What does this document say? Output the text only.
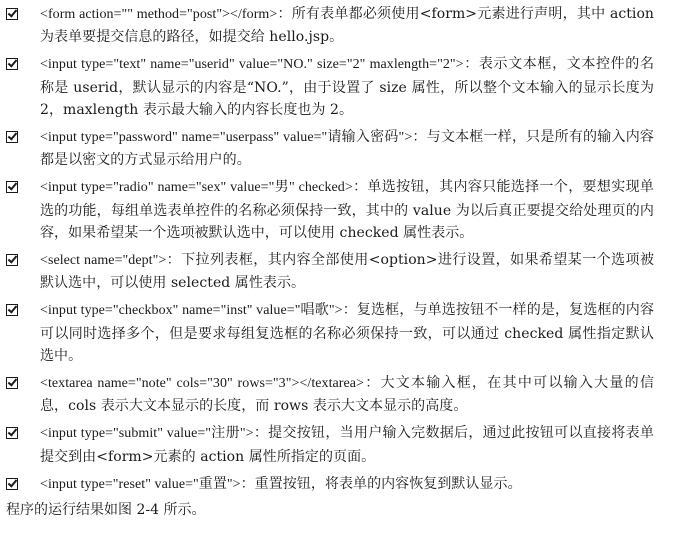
<form action="" method="post"></form>：所有表单都必须使用<form>元素进行声明，其中 action 为表单要提交信息的路径，如提交给 hello.jsp。
<input type="text" name="userid" value="NO." size="2" maxlength="2">：表示文本框，文本控件的名称是 userid，默认显示的内容是“NO.”，由于设置了 size 属性，所以整个文本输入的显示长度为 2，maxlength 表示最大输入的内容长度也为 2。
<input type="password" name="userpass" value="请输入密码">：与文本框一样，只是所有的输入内容都是以密文的方式显示给用户的。
<input type="radio" name="sex" value="男" checked>：单选按钮，其内容只能选择一个，要想实现单选的功能，每组单选表单控件的名称必须保持一致，其中的 value 为以后真正要提交给处理页的内容，如果希望某一个选项被默认选中，可以使用 checked 属性表示。
<select name="dept">：下拉列表框，其内容全部使用<option>进行设置，如果希望某一个选项被默认选中，可以使用 selected 属性表示。
<input type="checkbox" name="inst" value="唱歌">：复选框，与单选按钮不一样的是，复选框的内容可以同时选择多个，但是要求每组复选框的名称必须保持一致，可以通过 checked 属性指定默认选中。
<textarea name="note" cols="30" rows="3"></textarea>：大文本输入框，在其中可以输入大量的信息，cols 表示大文本显示的长度，而 rows 表示大文本显示的高度。
<input type="submit" value="注册">：提交按钮，当用户输入完数据后，通过此按钮可以直接将表单提交到由<form>元素的 action 属性所指定的页面。
<input type="reset" value="重置">：重置按钮，将表单的内容恢复到默认显示。
程序的运行结果如图 2-4 所示。
